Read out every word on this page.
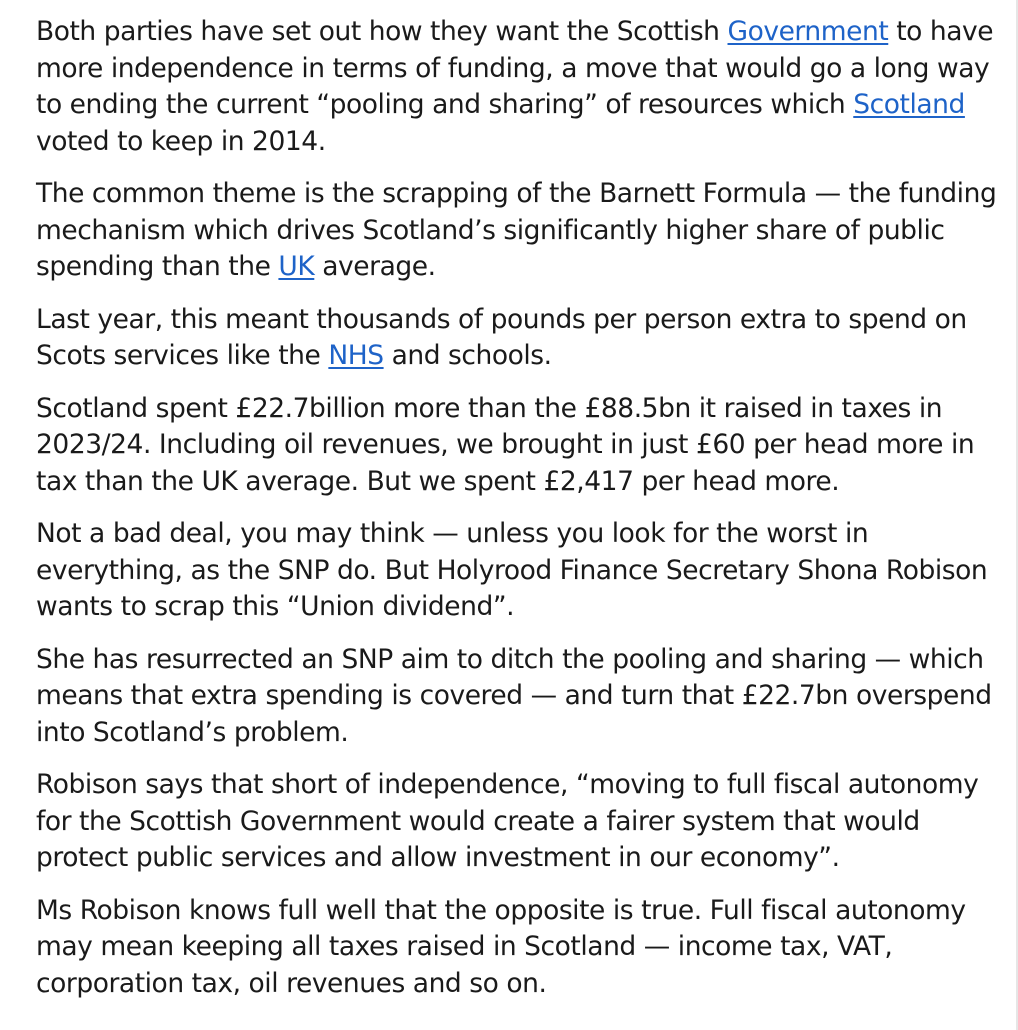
Both parties have set out how they want the Scottish Government to have more independence in terms of funding, a move that would go a long way to ending the current “pooling and sharing” of resources which Scotland voted to keep in 2014.

The common theme is the scrapping of the Barnett Formula — the funding mechanism which drives Scotland’s significantly higher share of public spending than the UK average.

Last year, this meant thousands of pounds per person extra to spend on Scots services like the NHS and schools.

Scotland spent £22.7billion more than the £88.5bn it raised in taxes in 2023/24. Including oil revenues, we brought in just £60 per head more in tax than the UK average. But we spent £2,417 per head more.

Not a bad deal, you may think — unless you look for the worst in everything, as the SNP do. But Holyrood Finance Secretary Shona Robison wants to scrap this “Union dividend”.

She has resurrected an SNP aim to ditch the pooling and sharing — which means that extra spending is covered — and turn that £22.7bn overspend into Scotland’s problem.

Robison says that short of independence, “moving to full fiscal autonomy for the Scottish Government would create a fairer system that would protect public services and allow investment in our economy”.

Ms Robison knows full well that the opposite is true. Full fiscal autonomy may mean keeping all taxes raised in Scotland — income tax, VAT, corporation tax, oil revenues and so on.
